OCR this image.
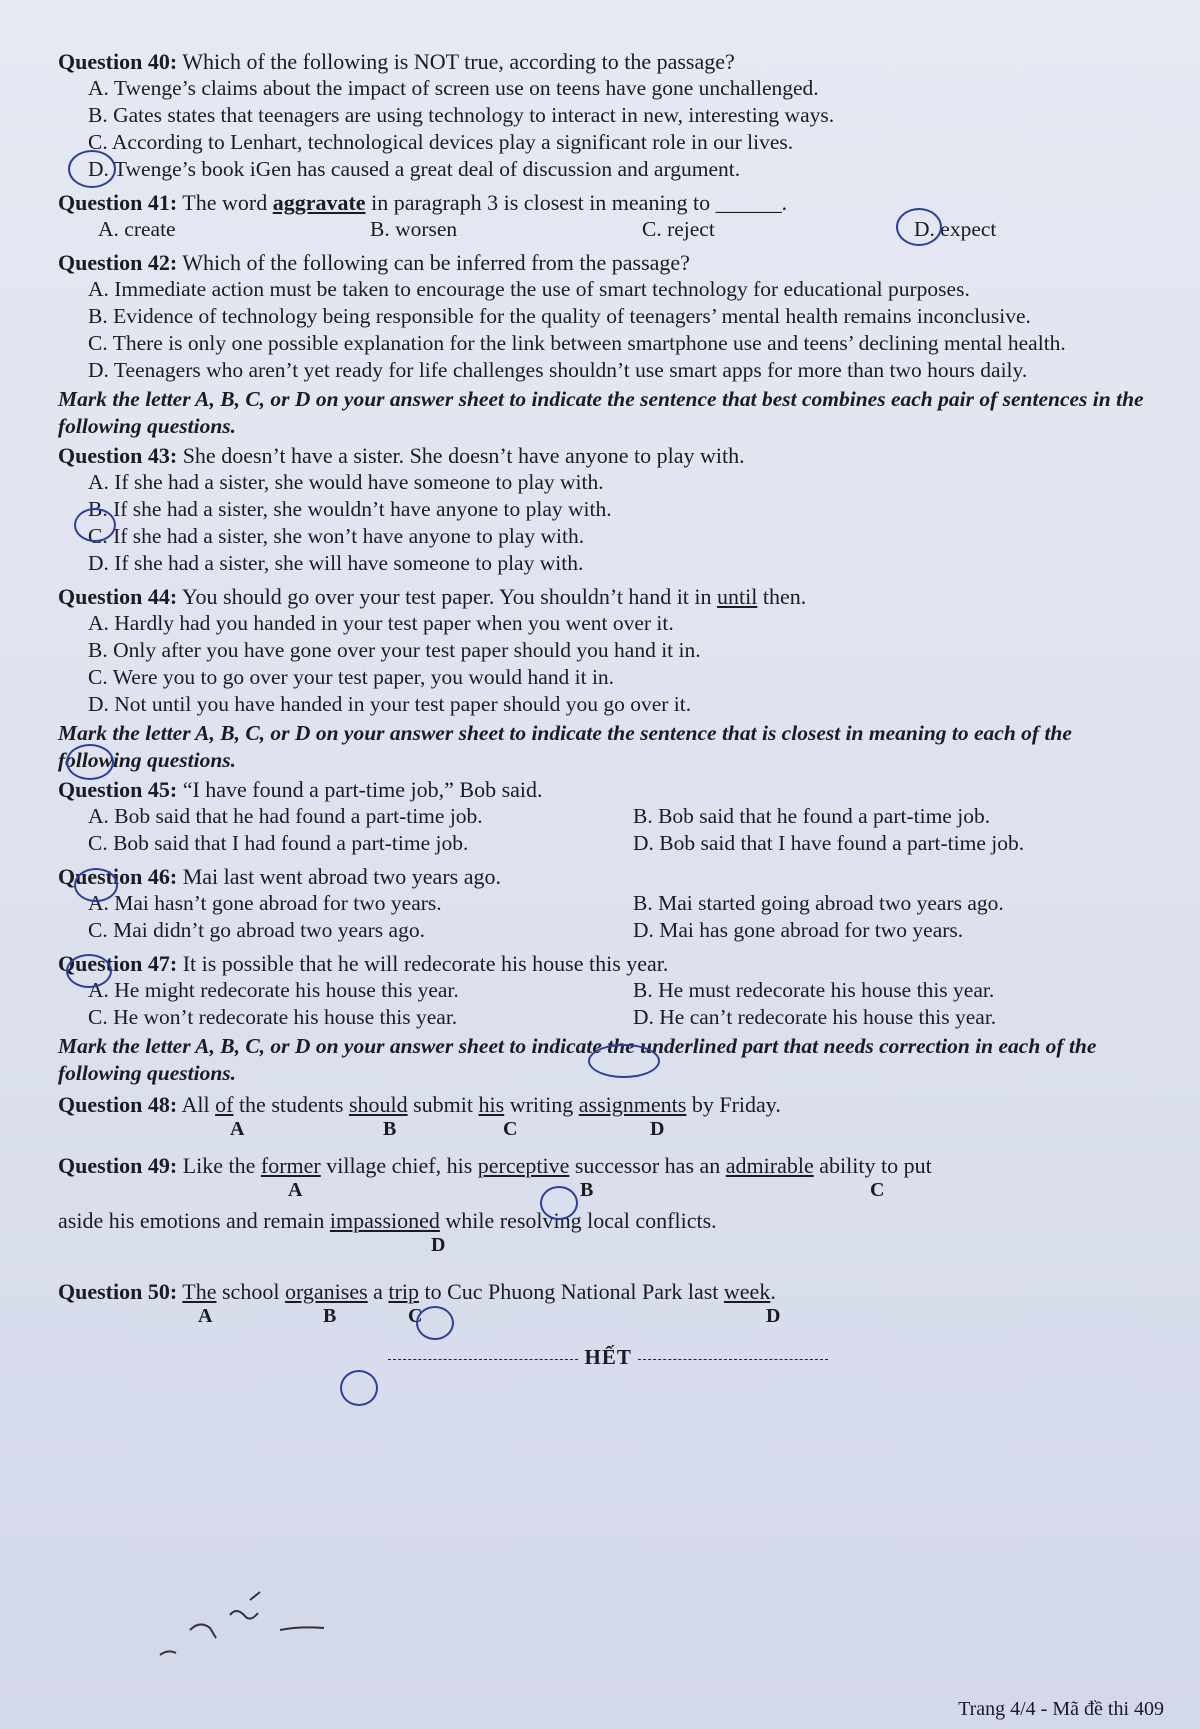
Question 40: Which of the following is NOT true, according to the passage?
A. Twenge’s claims about the impact of screen use on teens have gone unchallenged.
B. Gates states that teenagers are using technology to interact in new, interesting ways.
C. According to Lenhart, technological devices play a significant role in our lives.
D. Twenge’s book iGen has caused a great deal of discussion and argument.
Question 41: The word aggravate in paragraph 3 is closest in meaning to ______.
A. create	B. worsen	C. reject	D. expect
Question 42: Which of the following can be inferred from the passage?
A. Immediate action must be taken to encourage the use of smart technology for educational purposes.
B. Evidence of technology being responsible for the quality of teenagers’ mental health remains inconclusive.
C. There is only one possible explanation for the link between smartphone use and teens’ declining mental health.
D. Teenagers who aren’t yet ready for life challenges shouldn’t use smart apps for more than two hours daily.
Mark the letter A, B, C, or D on your answer sheet to indicate the sentence that best combines each pair of sentences in the following questions.
Question 43: She doesn’t have a sister. She doesn’t have anyone to play with.
A. If she had a sister, she would have someone to play with.
B. If she had a sister, she wouldn’t have anyone to play with.
C. If she had a sister, she won’t have anyone to play with.
D. If she had a sister, she will have someone to play with.
Question 44: You should go over your test paper. You shouldn’t hand it in until then.
A. Hardly had you handed in your test paper when you went over it.
B. Only after you have gone over your test paper should you hand it in.
C. Were you to go over your test paper, you would hand it in.
D. Not until you have handed in your test paper should you go over it.
Mark the letter A, B, C, or D on your answer sheet to indicate the sentence that is closest in meaning to each of the following questions.
Question 45: “I have found a part-time job,” Bob said.
A. Bob said that he had found a part-time job.	B. Bob said that he found a part-time job.
C. Bob said that I had found a part-time job.	D. Bob said that I have found a part-time job.
Question 46: Mai last went abroad two years ago.
A. Mai hasn’t gone abroad for two years.	B. Mai started going abroad two years ago.
C. Mai didn’t go abroad two years ago.	D. Mai has gone abroad for two years.
Question 47: It is possible that he will redecorate his house this year.
A. He might redecorate his house this year.	B. He must redecorate his house this year.
C. He won’t redecorate his house this year.	D. He can’t redecorate his house this year.
Mark the letter A, B, C, or D on your answer sheet to indicate the underlined part that needs correction in each of the following questions.
Question 48: All of the students should submit his writing assignments by Friday.
A	B	C	D
Question 49: Like the former village chief, his perceptive successor has an admirable ability to put
A	B	C
aside his emotions and remain impassioned while resolving local conflicts.
D
Question 50: The school organises a trip to Cuc Phuong National Park last week.
A	B	C	D
HẾT
Trang 4/4 - Mã đề thi 409
